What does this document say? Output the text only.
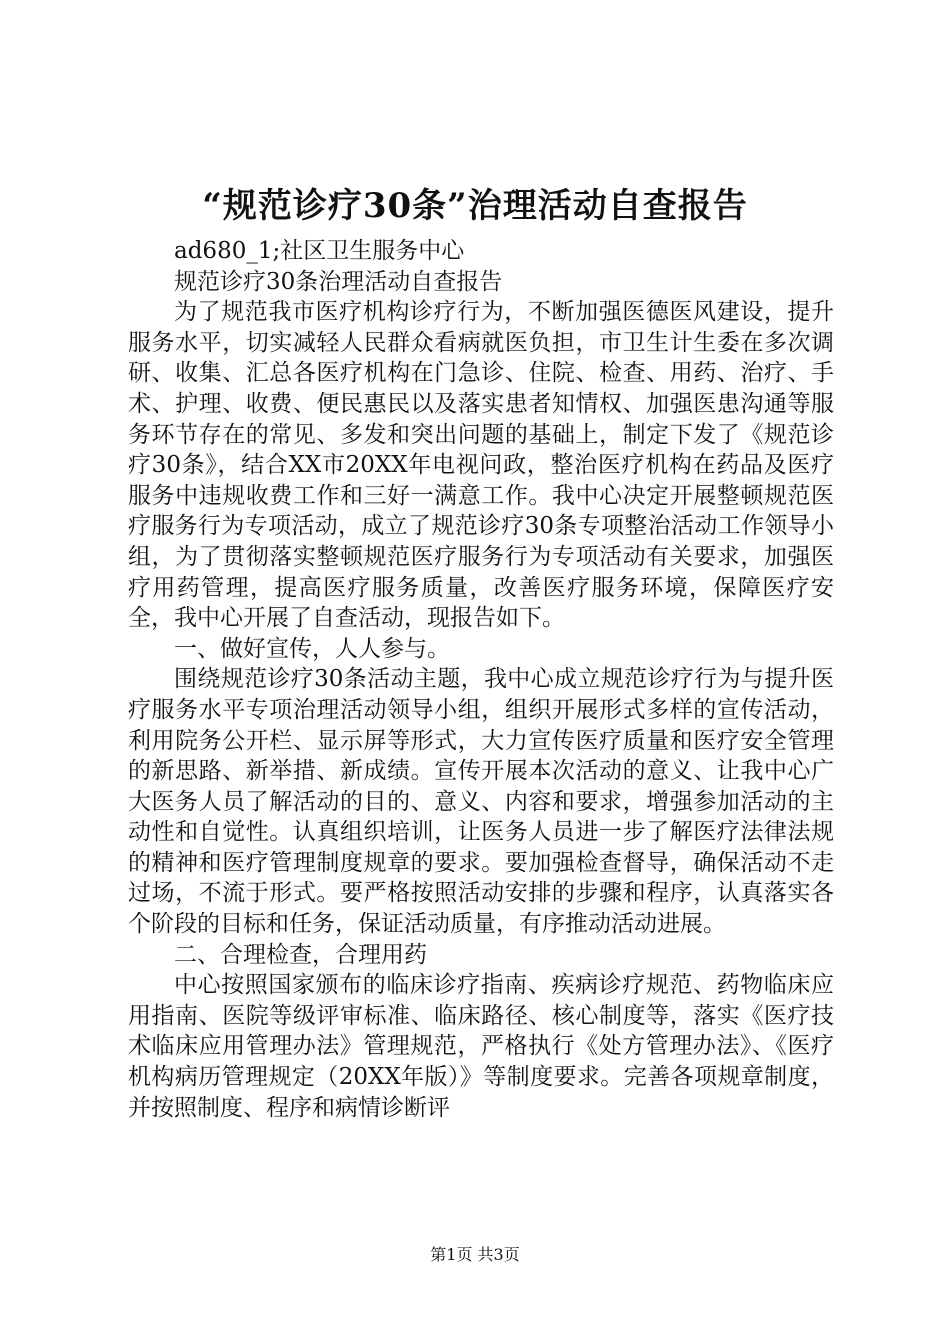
“规范诊疗30条”治理活动自查报告

ad680_1;社区卫生服务中心

规范诊疗30条治理活动自查报告

为了规范我市医疗机构诊疗行为，不断加强医德医风建设，提升服务水平，切实减轻人民群众看病就医负担，市卫生计生委在多次调研、收集、汇总各医疗机构在门急诊、住院、检查、用药、治疗、手术、护理、收费、便民惠民以及落实患者知情权、加强医患沟通等服务环节存在的常见、多发和突出问题的基础上，制定下发了《规范诊疗30条》，结合XX市20XX年电视问政，整治医疗机构在药品及医疗服务中违规收费工作和三好一满意工作。我中心决定开展整顿规范医疗服务行为专项活动，成立了规范诊疗30条专项整治活动工作领导小组，为了贯彻落实整顿规范医疗服务行为专项活动有关要求，加强医疗用药管理，提高医疗服务质量，改善医疗服务环境，保障医疗安全，我中心开展了自查活动，现报告如下。

一、做好宣传，人人参与。

围绕规范诊疗30条活动主题，我中心成立规范诊疗行为与提升医疗服务水平专项治理活动领导小组，组织开展形式多样的宣传活动，利用院务公开栏、显示屏等形式，大力宣传医疗质量和医疗安全管理的新思路、新举措、新成绩。宣传开展本次活动的意义、让我中心广大医务人员了解活动的目的、意义、内容和要求，增强参加活动的主动性和自觉性。认真组织培训，让医务人员进一步了解医疗法律法规的精神和医疗管理制度规章的要求。要加强检查督导，确保活动不走过场，不流于形式。要严格按照活动安排的步骤和程序，认真落实各个阶段的目标和任务，保证活动质量，有序推动活动进展。

二、合理检查，合理用药

中心按照国家颁布的临床诊疗指南、疾病诊疗规范、药物临床应用指南、医院等级评审标准、临床路径、核心制度等，落实《医疗技术临床应用管理办法》管理规范，严格执行《处方管理办法》、《医疗机构病历管理规定（20XX年版）》等制度要求。完善各项规章制度，并按照制度、程序和病情诊断评

第1页 共3页
